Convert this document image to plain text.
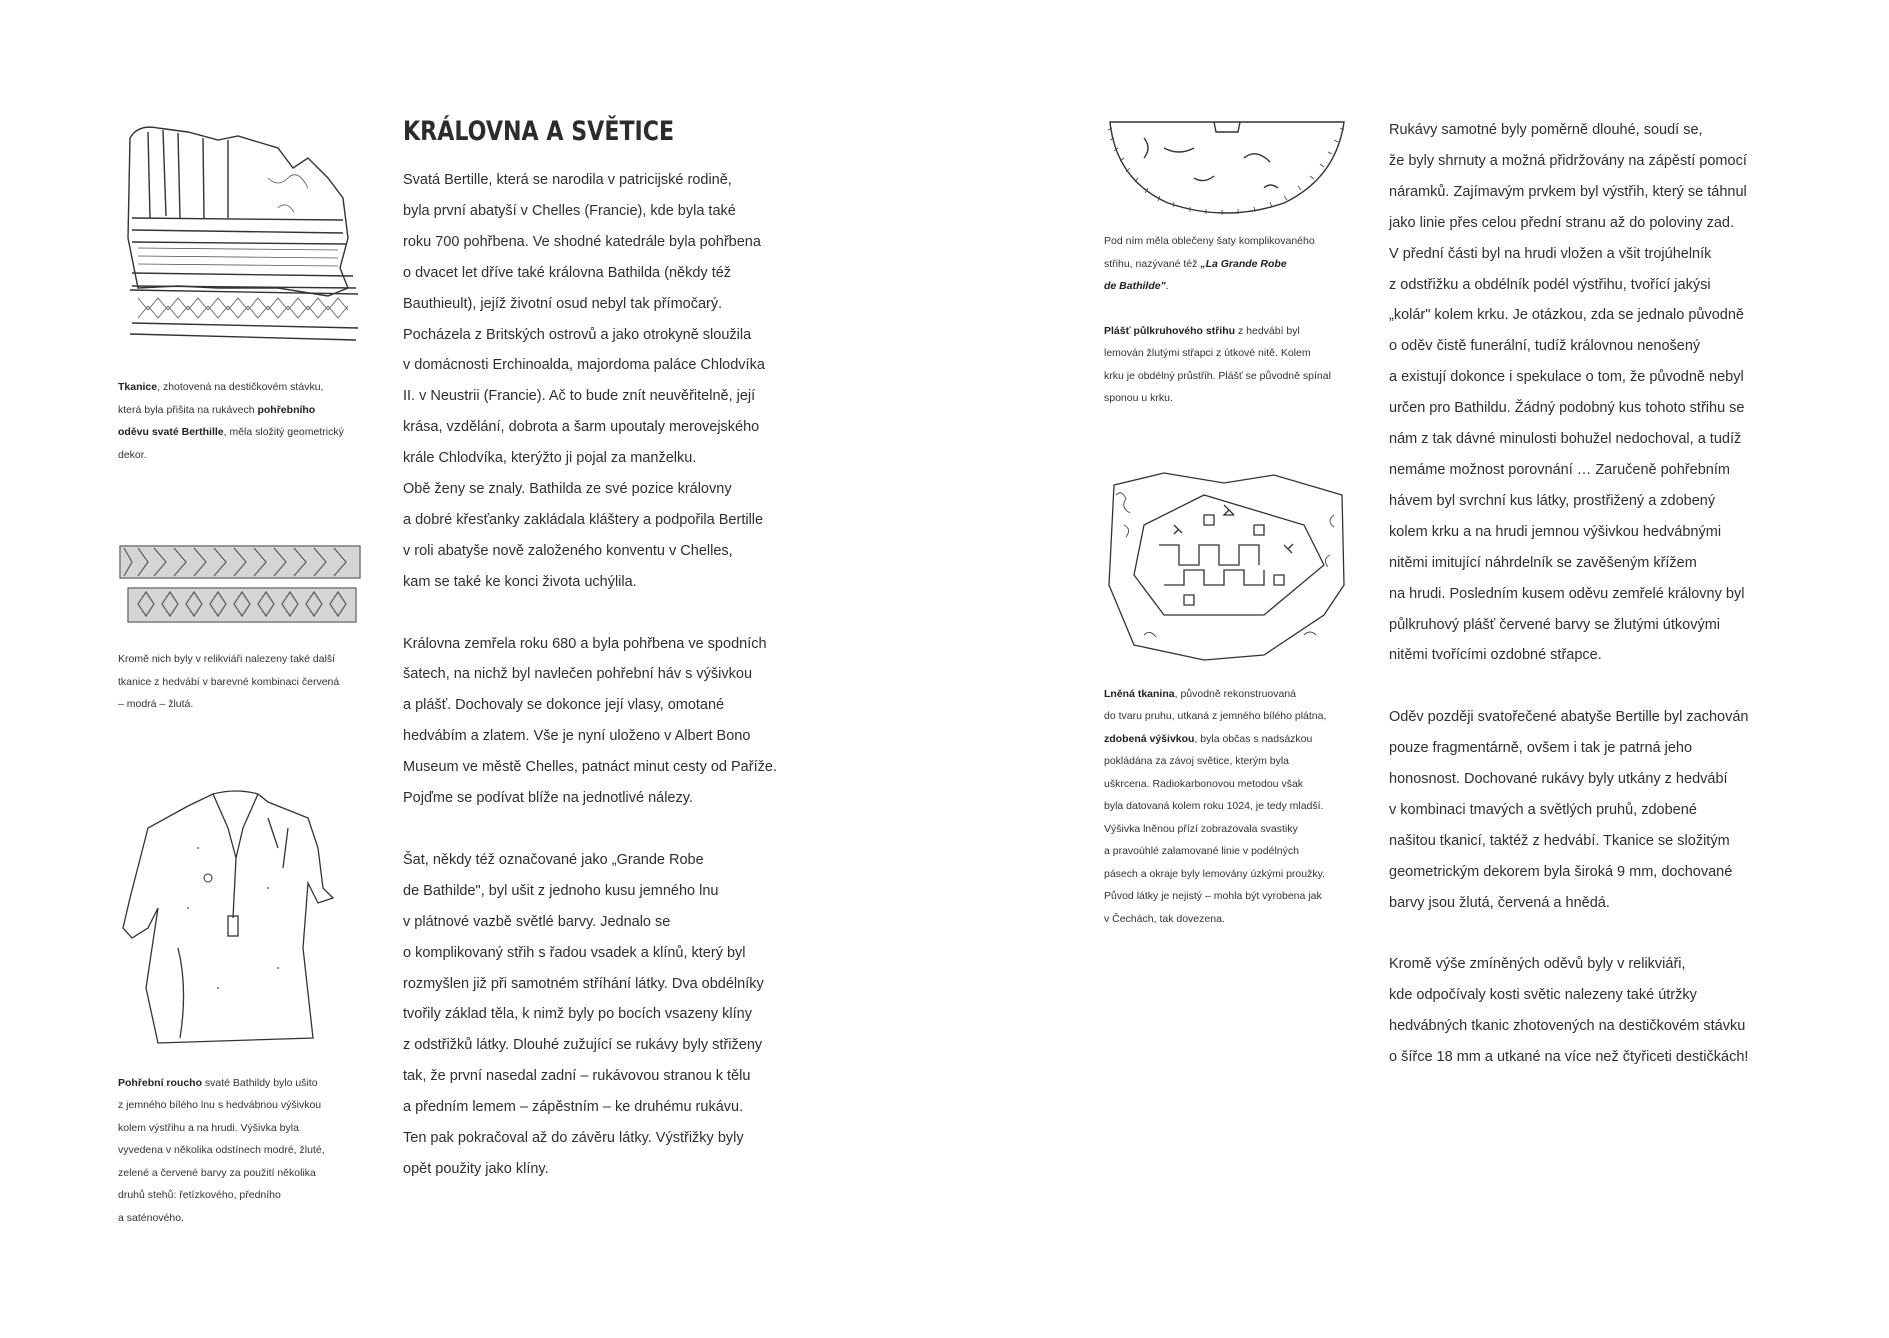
Tkanice, zhotovená na destičkovém stávku,
která byla přišita na rukávech pohřebního
oděvu svaté Berthille, měla složitý geometrický
dekor.

Kromě nich byly v relikviáři nalezeny také další
tkanice z hedvábí v barevné kombinaci červená
– modrá – žlutá.

Pohřební roucho svaté Bathildy bylo ušito
z jemného bílého lnu s hedvábnou výšivkou
kolem výstřihu a na hrudi. Výšivka byla
vyvedena v několika odstínech modré, žluté,
zelené a červené barvy za použití několika
druhů stehů: řetízkového, předního
a saténového.

KRÁLOVNA A SVĚTICE

Svatá Bertille, která se narodila v patricijské rodině,
byla první abatyší v Chelles (Francie), kde byla také
roku 700 pohřbena. Ve shodné katedrále byla pohřbena
o dvacet let dříve také královna Bathilda (někdy též
Bauthieult), jejíž životní osud nebyl tak přímočarý.
Pocházela z Britských ostrovů a jako otrokyně sloužila
v domácnosti Erchinoalda, majordoma paláce Chlodvíka
II. v Neustrii (Francie). Ač to bude znít neuvěřitelně, její
krása, vzdělání, dobrota a šarm upoutaly merovejského
krále Chlodvíka, kterýžto ji pojal za manželku.
Obě ženy se znaly. Bathilda ze své pozice královny
a dobré křesťanky zakládala kláštery a podpořila Bertille
v roli abatyše nově založeného konventu v Chelles,
kam se také ke konci života uchýlila.

Královna zemřela roku 680 a byla pohřbena ve spodních
šatech, na nichž byl navlečen pohřební háv s výšivkou
a plášť. Dochovaly se dokonce její vlasy, omotané
hedvábím a zlatem. Vše je nyní uloženo v Albert Bono
Museum ve městě Chelles, patnáct minut cesty od Paříže.
Pojďme se podívat blíže na jednotlivé nálezy.

Šat, někdy též označované jako „Grande Robe
de Bathilde", byl ušit z jednoho kusu jemného lnu
v plátnové vazbě světlé barvy. Jednalo se
o komplikovaný střih s řadou vsadek a klínů, který byl
rozmyšlen již při samotném stříhání látky. Dva obdélníky
tvořily základ těla, k nimž byly po bocích vsazeny klíny
z odstřižků látky. Dlouhé zužující se rukávy byly střiženy
tak, že první nasedal zadní – rukávovou stranou k tělu
a předním lemem – zápěstním – ke druhému rukávu.
Ten pak pokračoval až do závěru látky. Výstřižky byly
opět použity jako klíny.

Pod ním měla oblečeny šaty komplikovaného
střihu, nazývané též „La Grande Robe
de Bathilde".

Plášť půlkruhového střihu z hedvábí byl
lemován žlutými střapci z útkové nitě. Kolem
krku je obdélný průstřih. Plášť se původně spínal
sponou u krku.

Lněná tkanina, původně rekonstruovaná
do tvaru pruhu, utkaná z jemného bílého plátna,
zdobená výšivkou, byla občas s nadsázkou
pokládána za závoj světice, kterým byla
uškrcena. Radiokarbonovou metodou však
byla datovaná kolem roku 1024, je tedy mladší.
Výšivka lněnou přízí zobrazovala svastiky
a pravoúhlé zalamované linie v podélných
pásech a okraje byly lemovány úzkými proužky.
Původ látky je nejistý – mohla být vyrobena jak
v Čechách, tak dovezena.

Rukávy samotné byly poměrně dlouhé, soudí se,
že byly shrnuty a možná přidržovány na zápěstí pomocí
náramků. Zajímavým prvkem byl výstřih, který se táhnul
jako linie přes celou přední stranu až do poloviny zad.
V přední části byl na hrudi vložen a všit trojúhelník
z odstřižku a obdélník podél výstřihu, tvořící jakýsi
„kolár" kolem krku. Je otázkou, zda se jednalo původně
o oděv čistě funerální, tudíž královnou nenošený
a existují dokonce i spekulace o tom, že původně nebyl
určen pro Bathildu. Žádný podobný kus tohoto střihu se
nám z tak dávné minulosti bohužel nedochoval, a tudíž
nemáme možnost porovnání … Zaručeně pohřebním
hávem byl svrchní kus látky, prostřižený a zdobený
kolem krku a na hrudi jemnou výšivkou hedvábnými
nitěmi imitující náhrdelník se zavěšeným křížem
na hrudi. Posledním kusem oděvu zemřelé královny byl
půlkruhový plášť červené barvy se žlutými útkovými
nitěmi tvořícími ozdobné střapce.

Oděv později svatořečené abatyše Bertille byl zachován
pouze fragmentárně, ovšem i tak je patrná jeho
honosnost. Dochované rukávy byly utkány z hedvábí
v kombinaci tmavých a světlých pruhů, zdobené
našitou tkanicí, taktéž z hedvábí. Tkanice se složitým
geometrickým dekorem byla široká 9 mm, dochované
barvy jsou žlutá, červená a hnědá.

Kromě výše zmíněných oděvů byly v relikviáři,
kde odpočívaly kosti světic nalezeny také útržky
hedvábných tkanic zhotovených na destičkovém stávku
o šířce 18 mm a utkané na více než čtyřiceti destičkách!
